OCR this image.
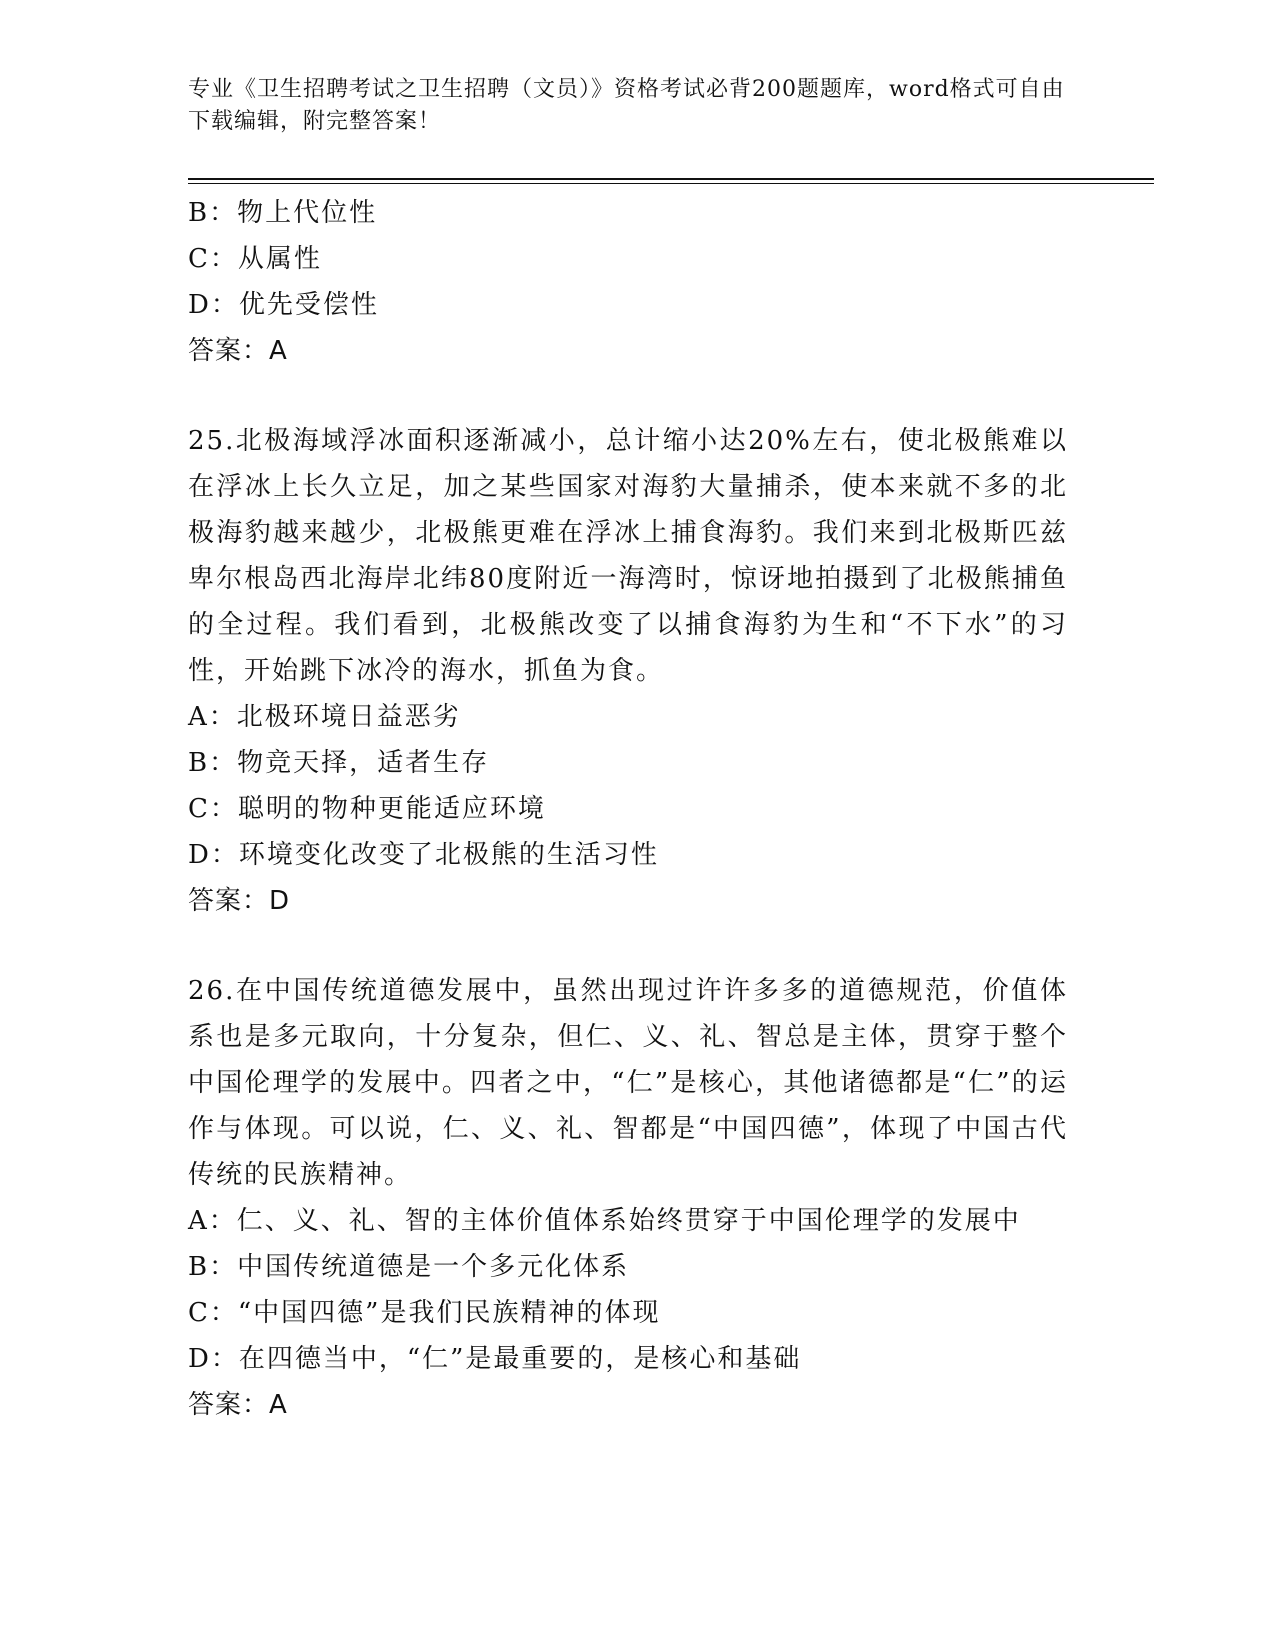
专业《卫生招聘考试之卫生招聘（文员）》资格考试必背200题题库，word格式可自由下载编辑，附完整答案！
B：物上代位性
C：从属性
D：优先受偿性
答案：A
25.北极海域浮冰面积逐渐减小，总计缩小达20%左右，使北极熊难以在浮冰上长久立足，加之某些国家对海豹大量捕杀，使本来就不多的北极海豹越来越少，北极熊更难在浮冰上捕食海豹。我们来到北极斯匹兹卑尔根岛西北海岸北纬80度附近一海湾时，惊讶地拍摄到了北极熊捕鱼的全过程。我们看到，北极熊改变了以捕食海豹为生和“不下水”的习性，开始跳下冰冷的海水，抓鱼为食。
A：北极环境日益恶劣
B：物竞天择，适者生存
C：聪明的物种更能适应环境
D：环境变化改变了北极熊的生活习性
答案：D
26.在中国传统道德发展中，虽然出现过许许多多的道德规范，价值体系也是多元取向，十分复杂，但仁、义、礼、智总是主体，贯穿于整个中国伦理学的发展中。四者之中，“仁”是核心，其他诸德都是“仁”的运作与体现。可以说，仁、义、礼、智都是“中国四德”，体现了中国古代传统的民族精神。
A：仁、义、礼、智的主体价值体系始终贯穿于中国伦理学的发展中
B：中国传统道德是一个多元化体系
C：“中国四德”是我们民族精神的体现
D：在四德当中，“仁”是最重要的，是核心和基础
答案：A
